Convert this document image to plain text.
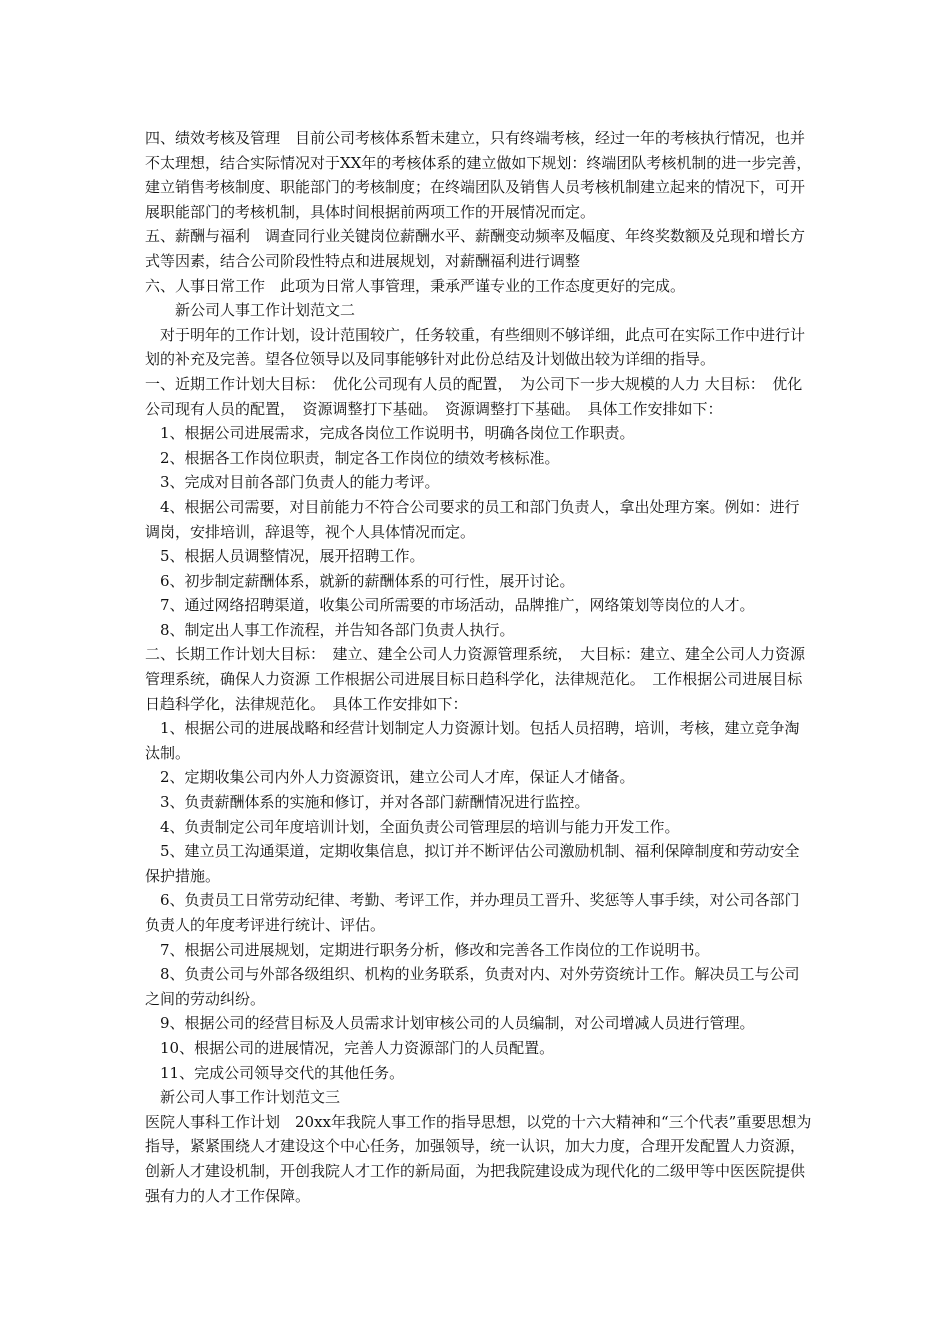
四、绩效考核及管理　目前公司考核体系暂未建立，只有终端考核，经过一年的考核执行情况，也并不太理想，结合实际情况对于XX年的考核体系的建立做如下规划：终端团队考核机制的进一步完善，建立销售考核制度、职能部门的考核制度；在终端团队及销售人员考核机制建立起来的情况下，可开展职能部门的考核机制，具体时间根据前两项工作的开展情况而定。

五、薪酬与福利　调查同行业关键岗位薪酬水平、薪酬变动频率及幅度、年终奖数额及兑现和增长方式等因素，结合公司阶段性特点和进展规划，对薪酬福利进行调整

六、人事日常工作　此项为日常人事管理，秉承严谨专业的工作态度更好的完成。

新公司人事工作计划范文二

对于明年的工作计划，设计范围较广，任务较重，有些细则不够详细，此点可在实际工作中进行计划的补充及完善。望各位领导以及同事能够针对此份总结及计划做出较为详细的指导。

一、近期工作计划大目标：　优化公司现有人员的配置，　为公司下一步大规模的人力 大目标：　优化公司现有人员的配置，　资源调整打下基础。　资源调整打下基础。　具体工作安排如下：

1、根据公司进展需求，完成各岗位工作说明书，明确各岗位工作职责。

2、根据各工作岗位职责，制定各工作岗位的绩效考核标准。

3、完成对目前各部门负责人的能力考评。

4、根据公司需要，对目前能力不符合公司要求的员工和部门负责人，拿出处理方案。例如：进行调岗，安排培训，辞退等，视个人具体情况而定。

5、根据人员调整情况，展开招聘工作。

6、初步制定薪酬体系，就新的薪酬体系的可行性，展开讨论。

7、通过网络招聘渠道，收集公司所需要的市场活动，品牌推广，网络策划等岗位的人才。

8、制定出人事工作流程，并告知各部门负责人执行。

二、长期工作计划大目标：　建立、建全公司人力资源管理系统，　大目标：建立、建全公司人力资源管理系统，确保人力资源 工作根据公司进展目标日趋科学化，法律规范化。　工作根据公司进展目标日趋科学化，法律规范化。　具体工作安排如下：

1、根据公司的进展战略和经营计划制定人力资源计划。包括人员招聘，培训，考核，建立竞争淘汰制。

2、定期收集公司内外人力资源资讯，建立公司人才库，保证人才储备。

3、负责薪酬体系的实施和修订，并对各部门薪酬情况进行监控。

4、负责制定公司年度培训计划，全面负责公司管理层的培训与能力开发工作。

5、建立员工沟通渠道，定期收集信息，拟订并不断评估公司激励机制、福利保障制度和劳动安全保护措施。

6、负责员工日常劳动纪律、考勤、考评工作，并办理员工晋升、奖惩等人事手续，对公司各部门负责人的年度考评进行统计、评估。

7、根据公司进展规划，定期进行职务分析，修改和完善各工作岗位的工作说明书。

8、负责公司与外部各级组织、机构的业务联系，负责对内、对外劳资统计工作。解决员工与公司之间的劳动纠纷。

9、根据公司的经营目标及人员需求计划审核公司的人员编制，对公司增减人员进行管理。

10、根据公司的进展情况，完善人力资源部门的人员配置。

11、完成公司领导交代的其他任务。

新公司人事工作计划范文三

医院人事科工作计划　20xx年我院人事工作的指导思想，以党的十六大精神和“三个代表”重要思想为指导，紧紧围绕人才建设这个中心任务，加强领导，统一认识，加大力度，合理开发配置人力资源，创新人才建设机制，开创我院人才工作的新局面，为把我院建设成为现代化的二级甲等中医医院提供强有力的人才工作保障。
